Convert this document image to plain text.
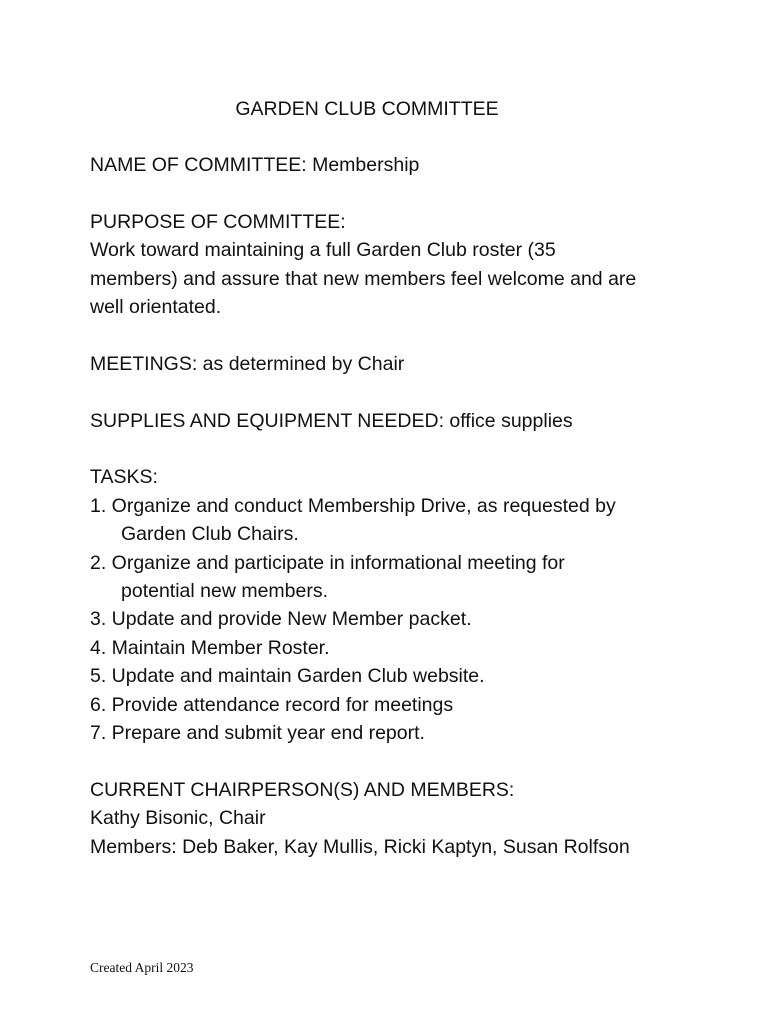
GARDEN CLUB COMMITTEE

NAME OF COMMITTEE: Membership

PURPOSE OF COMMITTEE:

Work toward maintaining a full Garden Club roster (35

members) and assure that new members feel welcome and are

well orientated.

MEETINGS: as determined by Chair

SUPPLIES AND EQUIPMENT NEEDED: office supplies

TASKS:

1. Organize and conduct Membership Drive, as requested by
Garden Club Chairs.
2. Organize and participate in informational meeting for
potential new members.
3. Update and provide New Member packet.
4. Maintain Member Roster.
5. Update and maintain Garden Club website.
6. Provide attendance record for meetings
7. Prepare and submit year end report.

CURRENT CHAIRPERSON(S) AND MEMBERS:

Kathy Bisonic, Chair

Members: Deb Baker, Kay Mullis, Ricki Kaptyn, Susan Rolfson

Created April 2023
